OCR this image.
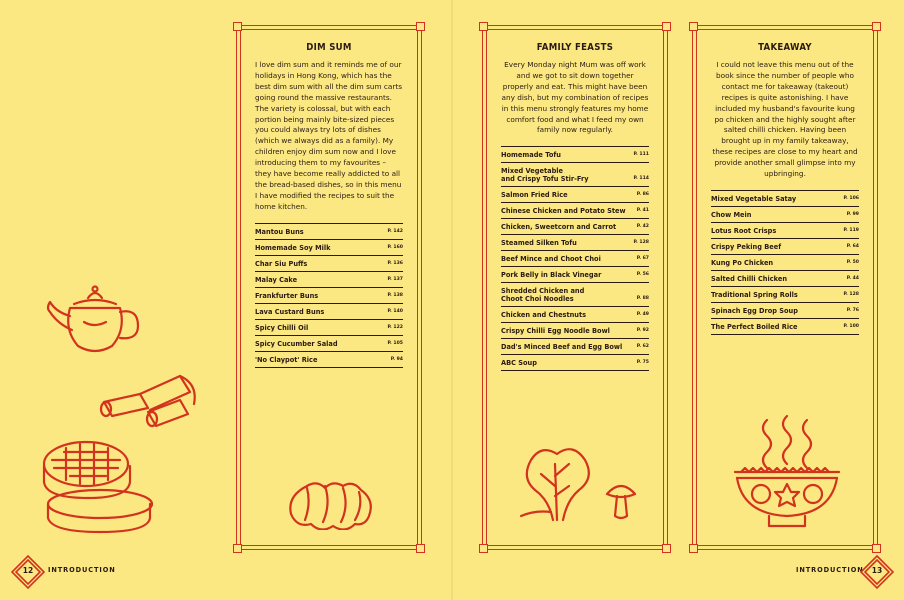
DIM SUM

I love dim sum and it reminds me of our holidays in Hong Kong, which has the best dim sum with all the dim sum carts going round the massive restaurants. The variety is colossal, but with each portion being mainly bite-sized pieces you could always try lots of dishes (which we always did as a family). My children enjoy dim sum now and I love introducing them to my favourites – they have become really addicted to all the bread-based dishes, so in this menu I have modified the recipes to suit the home kitchen.

Mantou Buns	P. 142
Homemade Soy Milk	P. 160
Char Siu Puffs	P. 136
Malay Cake	P. 137
Frankfurter Buns	P. 138
Lava Custard Buns	P. 140
Spicy Chilli Oil	P. 122
Spicy Cucumber Salad	P. 105
'No Claypot' Rice	P. 94
FAMILY FEASTS

Every Monday night Mum was off work and we got to sit down together properly and eat. This might have been any dish, but my combination of recipes in this menu strongly features my home comfort food and what I feed my own family now regularly.

Homemade Tofu	P. 111
Mixed Vegetable
and Crispy Tofu Stir-Fry	P. 114
Salmon Fried Rice	P. 86
Chinese Chicken and Potato Stew	P. 41
Chicken, Sweetcorn and Carrot	P. 42
Steamed Silken Tofu	P. 128
Beef Mince and Choot Choi	P. 67
Pork Belly in Black Vinegar	P. 56
Shredded Chicken and
Choot Choi Noodles	P. 88
Chicken and Chestnuts	P. 49
Crispy Chilli Egg Noodle Bowl	P. 92
Dad's Minced Beef and Egg Bowl	P. 62
ABC Soup	P. 75
TAKEAWAY

I could not leave this menu out of the book since the number of people who contact me for takeaway (takeout) recipes is quite astonishing. I have included my husband's favourite kung po chicken and the highly sought after salted chilli chicken. Having been brought up in my family takeaway, these recipes are close to my heart and provide another small glimpse into my upbringing.

Mixed Vegetable Satay	P. 106
Chow Mein	P. 99
Lotus Root Crisps	P. 119
Crispy Peking Beef	P. 64
Kung Po Chicken	P. 50
Salted Chilli Chicken	P. 44
Traditional Spring Rolls	P. 128
Spinach Egg Drop Soup	P. 76
The Perfect Boiled Rice	P. 100
12	INTRODUCTION	INTRODUCTION	13
